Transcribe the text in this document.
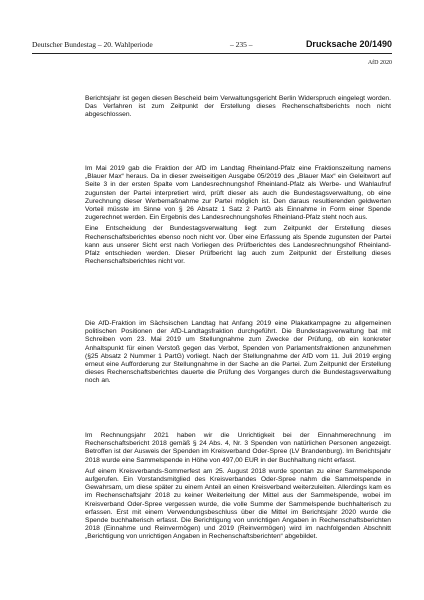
Deutscher Bundestag – 20. Wahlperiode	– 235 –	Drucksache 20/1490
AfD 2020

Berichtsjahr ist gegen diesen Bescheid beim Verwaltungsgericht Berlin Widerspruch eingelegt worden. Das Verfahren ist zum Zeitpunkt der Erstellung dieses Rechenschaftsberichts noch nicht abgeschlossen.

Im Mai 2019 gab die Fraktion der AfD im Landtag Rheinland-Pfalz eine Fraktionszeitung namens „Blauer Max“ heraus. Da in dieser zweiseitigen Ausgabe 05/2019 des „Blauer Max“ ein Geleitwort auf Seite 3 in der ersten Spalte vom Landesrechnungshof Rheinland-Pfalz als Werbe- und Wahlaufruf zugunsten der Partei interpretiert wird, prüft dieser als auch die Bundestagsverwaltung, ob eine Zurechnung dieser Werbemaßnahme zur Partei möglich ist. Den daraus resultierenden geldwerten Vorteil müsste im Sinne von § 26 Absatz 1 Satz 2 PartG als Einnahme in Form einer Spende zugerechnet werden. Ein Ergebnis des Landesrechnungshofes Rheinland-Pfalz steht noch aus.

Eine Entscheidung der Bundestagsverwaltung liegt zum Zeitpunkt der Erstellung dieses Rechenschaftsberichtes ebenso noch nicht vor. Über eine Erfassung als Spende zugunsten der Partei kann aus unserer Sicht erst nach Vorliegen des Prüfberichtes des Landesrechnungshof Rheinland-Pfalz entschieden werden. Dieser Prüfbericht lag auch zum Zeitpunkt der Erstellung dieses Rechenschaftsberichtes nicht vor.

Die AfD-Fraktion im Sächsischen Landtag hat Anfang 2019 eine Plakatkampagne zu allgemeinen politischen Positionen der AfD-Landtagsfraktion durchgeführt. Die Bundestagsverwaltung bat mit Schreiben vom 23. Mai 2019 um Stellungnahme zum Zwecke der Prüfung, ob ein konkreter Anhaltspunkt für einen Verstoß gegen das Verbot, Spenden von Parlamentsfraktionen anzunehmen (§25 Absatz 2 Nummer 1 PartG) vorliegt. Nach der Stellungnahme der AfD vom 11. Juli 2019 erging erneut eine Aufforderung zur Stellungnahme in der Sache an die Partei. Zum Zeitpunkt der Erstellung dieses Rechenschaftsberichtes dauerte die Prüfung des Vorganges durch die Bundestagsverwaltung noch an.

Im Rechnungsjahr 2021 haben wir die Unrichtigkeit bei der Einnahmerechnung im Rechenschaftsbericht 2018 gemäß § 24 Abs. 4, Nr. 3 Spenden von natürlichen Personen angezeigt. Betroffen ist der Ausweis der Spenden im Kreisverband Oder-Spree (LV Brandenburg). Im Berichtsjahr 2018 wurde eine Sammelspende in Höhe von 497,00 EUR in der Buchhaltung nicht erfasst.

Auf einem Kreisverbands-Sommerfest am 25. August 2018 wurde spontan zu einer Sammelspende aufgerufen. Ein Vorstandsmitglied des Kreisverbandes Oder-Spree nahm die Sammelspende in Gewahrsam, um diese später zu einem Anteil an einen Kreisverband weiterzuleiten. Allerdings kam es im Rechenschaftsjahr 2018 zu keiner Weiterleitung der Mittel aus der Sammelspende, wobei im Kreisverband Oder-Spree vergessen wurde, die volle Summe der Sammelspende buchhalterisch zu erfassen. Erst mit einem Verwendungsbeschluss über die Mittel im Berichtsjahr 2020 wurde die Spende buchhalterisch erfasst. Die Berichtigung von unrichtigen Angaben in Rechenschaftsberichten 2018 (Einnahme und Reinvermögen) und 2019 (Reinvermögen) wird im nachfolgenden Abschnitt „Berichtigung von unrichtigen Angaben in Rechenschaftsberichten“ abgebildet.
